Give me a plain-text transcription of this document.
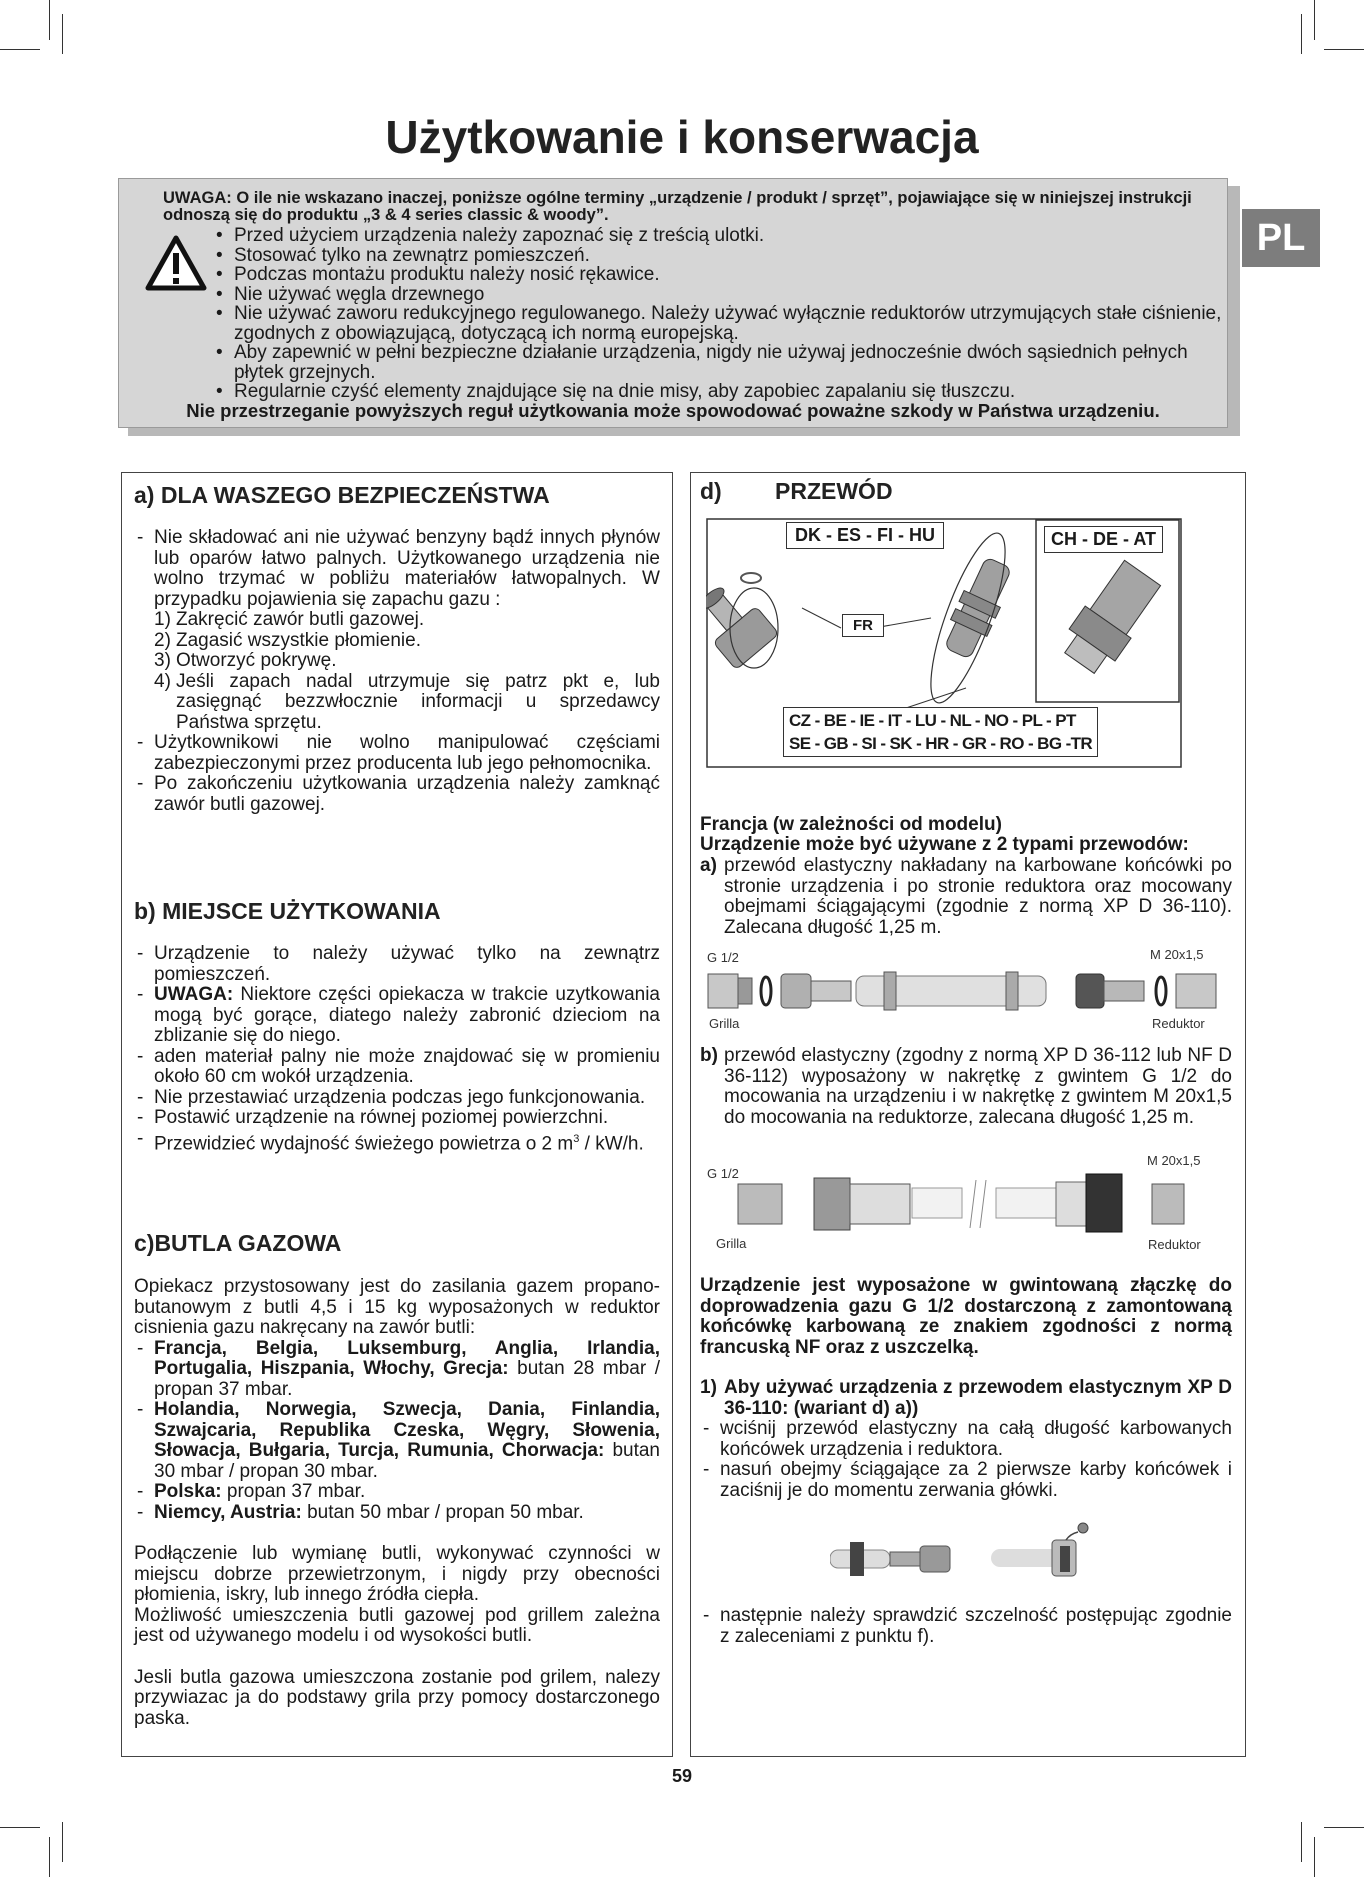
Użytkowanie i konserwacja
PL
UWAGA: O ile nie wskazano inaczej, poniższe ogólne terminy „urządzenie / produkt / sprzęt”, pojawiające się w niniejszej instrukcji odnoszą się do produktu „3 & 4 series classic & woody”.
• Przed użyciem urządzenia należy zapoznać się z treścią ulotki.
• Stosować tylko na zewnątrz pomieszczeń.
• Podczas montażu produktu należy nosić rękawice.
• Nie używać węgla drzewnego
• Nie używać zaworu redukcyjnego regulowanego. Należy używać wyłącznie reduktorów utrzymujących stałe ciśnienie, zgodnych z obowiązującą, dotyczącą ich normą europejską.
• Aby zapewnić w pełni bezpieczne działanie urządzenia, nigdy nie używaj jednocześnie dwóch sąsiednich pełnych płytek grzejnych.
• Regularnie czyść elementy znajdujące się na dnie misy, aby zapobiec zapalaniu się tłuszczu.
Nie przestrzeganie powyższych reguł użytkowania może spowodować poważne szkody w Państwa urządzeniu.
a) DLA WASZEGO BEZPIECZEŃSTWA
- Nie składować ani nie używać benzyny bądź innych płynów lub oparów łatwo palnych. Użytkowanego urządzenia nie wolno trzymać w pobliżu materiałów łatwopalnych. W przypadku pojawienia się zapachu gazu :
1) Zakręcić zawór butli gazowej.
2) Zagasić wszystkie płomienie.
3) Otworzyć pokrywę.
4) Jeśli zapach nadal utrzymuje się patrz pkt e, lub zasięgnąć bezzwłocznie informacji u sprzedawcy Państwa sprzętu.
- Użytkownikowi nie wolno manipulować częściami zabezpieczonymi przez producenta lub jego pełnomocnika.
- Po zakończeniu użytkowania urządzenia należy zamknąć zawór butli gazowej.
b) MIEJSCE UŻYTKOWANIA
- Urządzenie to należy używać tylko na zewnątrz pomieszczeń.
- UWAGA: Niektore części opiekacza w trakcie uzytkowania mogą być gorące, diatego należy zabronić dzieciom na zblizanie się do niego.
- aden materiał palny nie może znajdować się w promieniu około 60 cm wokół urządzenia.
- Nie przestawiać urządzenia podczas jego funkcjonowania.
- Postawić urządzenie na równej poziomej powierzchni.
- Przewidzieć wydajność świeżego powietrza o 2 $m^3 / kW/h$.
c)BUTLA GAZOWA
Opiekacz przystosowany jest do zasilania gazem propano-butanowym z butli 4,5 i 15 kg wyposażonych w reduktor cisnienia gazu nakręcany na zawór butli:
- Francja, Belgia, Luksemburg, Anglia, Irlandia, Portugalia, Hiszpania, Włochy, Grecja: butan 28 mbar / propan 37 mbar.
- Holandia, Norwegia, Szwecja, Dania, Finlandia, Szwajcaria, Republika Czeska, Węgry, Słowenia, Słowacja, Bułgaria, Turcja, Rumunia, Chorwacja: butan 30 mbar / propan 30 mbar.
- Polska: propan 37 mbar.
- Niemcy, Austria: butan 50 mbar / propan 50 mbar.
Podłączenie lub wymianę butli, wykonywać czynności w miejscu dobrze przewietrzonym, i nigdy przy obecności płomienia, iskry, lub innego źródła ciepła.
Możliwość umieszczenia butli gazowej pod grillem zależna jest od używanego modelu i od wysokości butli.
Jesli butla gazowa umieszczona zostanie pod grilem, nalezy przywiazac ja do podstawy grila przy pomocy dostarczonego paska.
d) PRZEWÓD
DK - ES - FI - HU	CH - DE - AT
FR
CZ - BE - IE - IT - LU - NL - NO - PL - PT
SE - GB - SI - SK - HR - GR - RO - BG -TR
Francja (w zależności od modelu)
Urządzenie może być używane z 2 typami przewodów:
a) przewód elastyczny nakładany na karbowane końcówki po stronie urządzenia i po stronie reduktora oraz mocowany obejmami ściągającymi (zgodnie z normą XP D 36-110). Zalecana długość 1,25 m.
G 1/2	M 20x1,5
Grilla	Reduktor
b) przewód elastyczny (zgodny z normą XP D 36-112 lub NF D 36-112) wyposażony w nakrętkę z gwintem G 1/2 do mocowania na urządzeniu i w nakrętkę z gwintem M 20x1,5 do mocowania na reduktorze, zalecana długość 1,25 m.
G 1/2
M 20x1,5
Grilla	Reduktor
Urządzenie jest wyposażone w gwintowaną złączkę do doprowadzenia gazu G 1/2 dostarczoną z zamontowaną końcówkę karbowaną ze znakiem zgodności z normą francuską NF oraz z uszczelką.
1) Aby używać urządzenia z przewodem elastycznym XP D 36-110: (wariant d) a))
- wciśnij przewód elastyczny na całą długość karbowanych końcówek urządzenia i reduktora.
- nasuń obejmy ściągające za 2 pierwsze karby końcówek i zaciśnij je do momentu zerwania główki.
- następnie należy sprawdzić szczelność postępując zgodnie z zaleceniami z punktu f).
59
